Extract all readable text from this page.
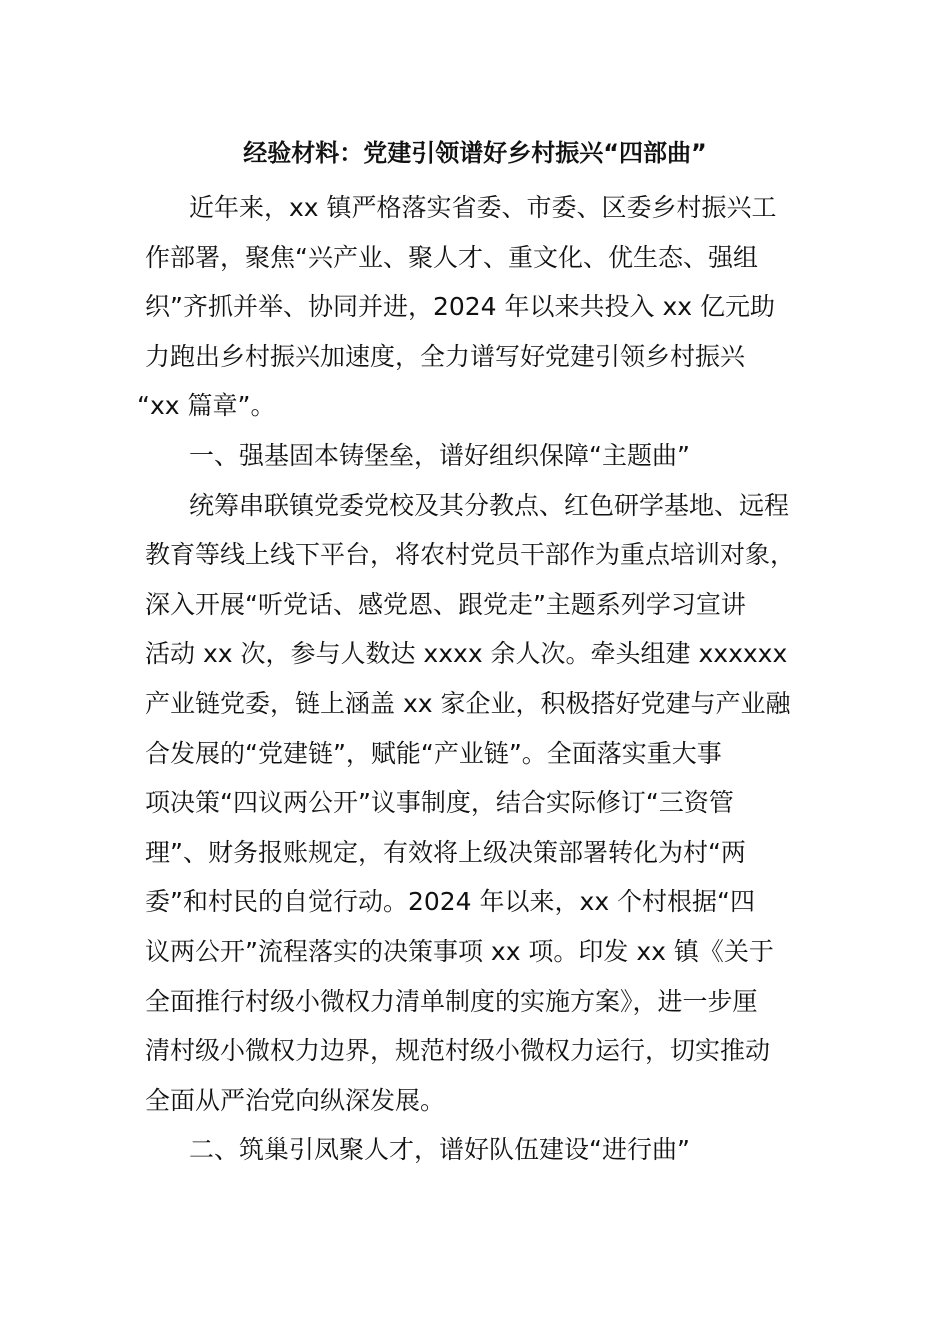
经验材料：党建引领谱好乡村振兴“四部曲”
近年来，xx 镇严格落实省委、市委、区委乡村振兴工
作部署，聚焦“兴产业、聚人才、重文化、优生态、强组
织”齐抓并举、协同并进，2024 年以来共投入 xx 亿元助
力跑出乡村振兴加速度，全力谱写好党建引领乡村振兴
“xx 篇章”。
一、强基固本铸堡垒，谱好组织保障“主题曲”
统筹串联镇党委党校及其分教点、红色研学基地、远程
教育等线上线下平台，将农村党员干部作为重点培训对象，
深入开展“听党话、感党恩、跟党走”主题系列学习宣讲
活动 xx 次，参与人数达 xxxx 余人次。牵头组建 xxxxxx
产业链党委，链上涵盖 xx 家企业，积极搭好党建与产业融
合发展的“党建链”，赋能“产业链”。全面落实重大事
项决策“四议两公开”议事制度，结合实际修订“三资管
理”、财务报账规定，有效将上级决策部署转化为村“两
委”和村民的自觉行动。2024 年以来，xx 个村根据“四
议两公开”流程落实的决策事项 xx 项。印发 xx 镇《关于
全面推行村级小微权力清单制度的实施方案》，进一步厘
清村级小微权力边界，规范村级小微权力运行，切实推动
全面从严治党向纵深发展。
二、筑巢引凤聚人才，谱好队伍建设“进行曲”
